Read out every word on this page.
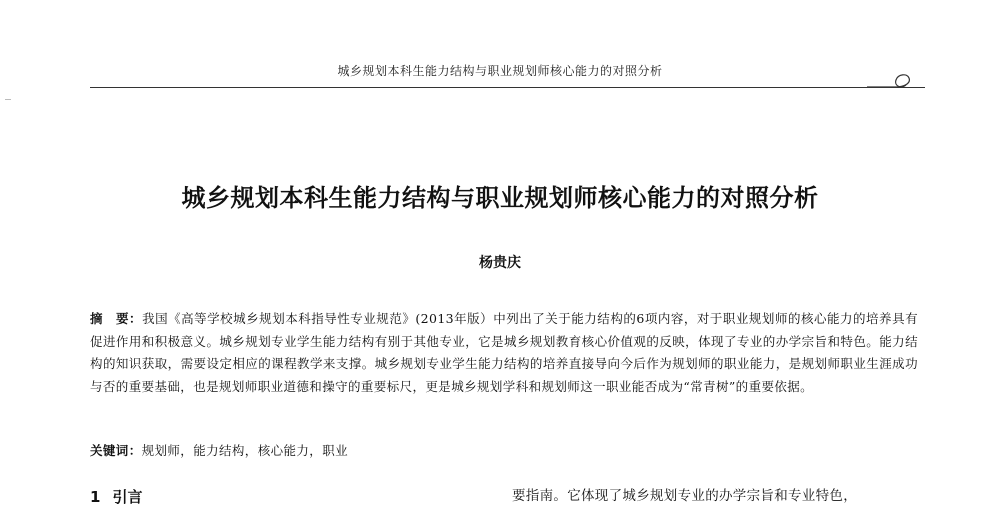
城乡规划本科生能力结构与职业规划师核心能力的对照分析
城乡规划本科生能力结构与职业规划师核心能力的对照分析
杨贵庆
摘　要：我国《高等学校城乡规划本科指导性专业规范》(2013年版）中列出了关于能力结构的6项内容，对于职业规划师的核心能力的培养具有促进作用和积极意义。城乡规划专业学生能力结构有别于其他专业，它是城乡规划教育核心价值观的反映，体现了专业的办学宗旨和特色。能力结构的知识获取，需要设定相应的课程教学来支撑。城乡规划专业学生能力结构的培养直接导向今后作为规划师的职业能力，是规划师职业生涯成功与否的重要基础，也是规划师职业道德和操守的重要标尺，更是城乡规划学科和规划师这一职业能否成为“常青树”的重要依据。
关键词：规划师，能力结构，核心能力，职业
1 引言	要指南。它体现了城乡规划专业的办学宗旨和专业特色，
